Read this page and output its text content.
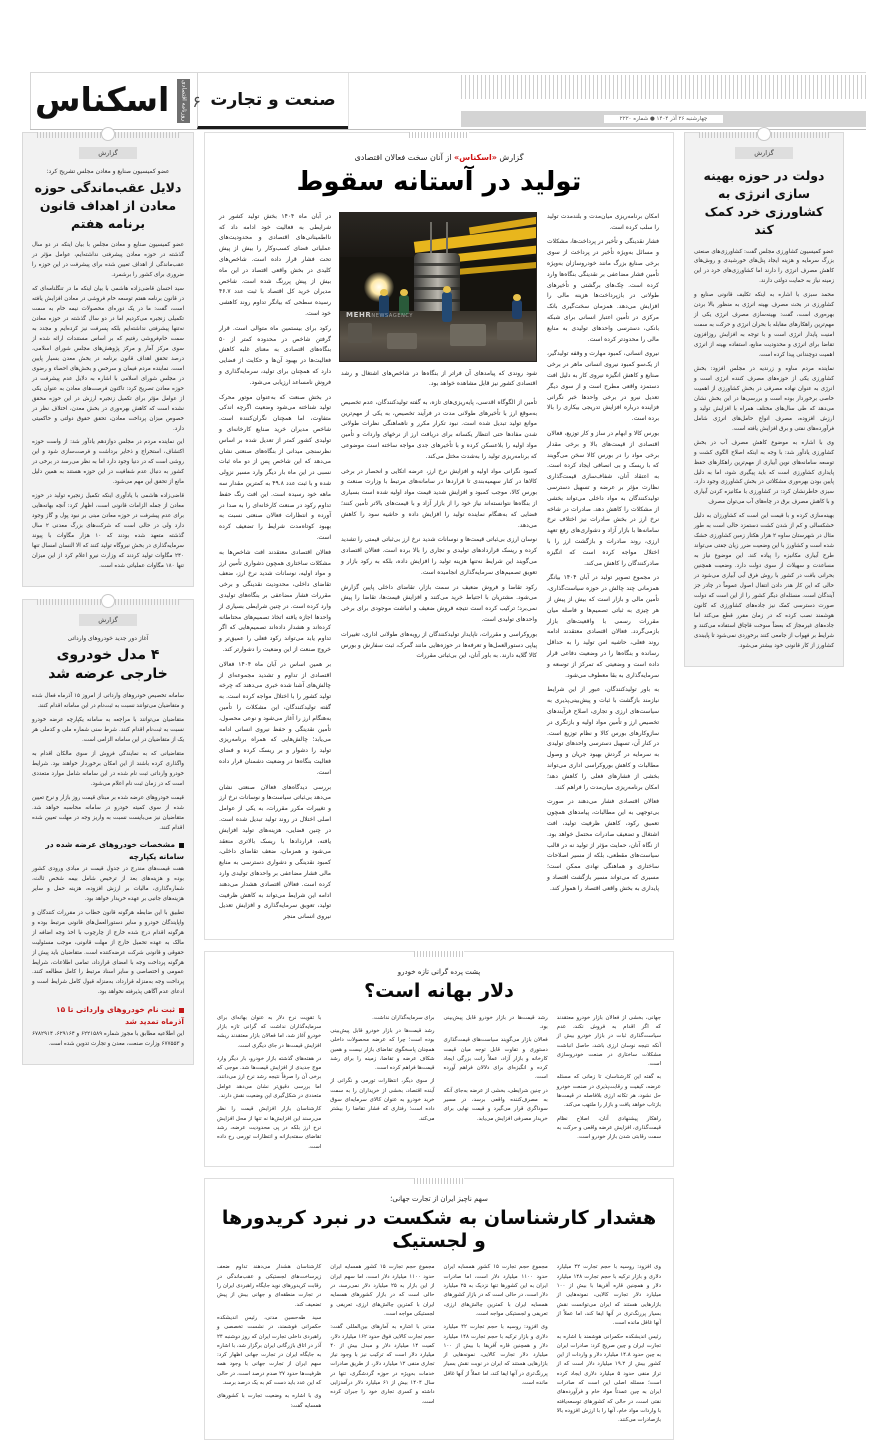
اسکناس	روزنامه اقتصادی ۶ صنعت و تجارت
چهارشنبه ۲۶ آذر ۱۴۰۴ ● شماره ۲۲۲۰
گزارش
عضو کمیسیون صنایع و معادن مجلس تشریح کرد:
دلایل عقب‌ماندگی حوزه معادن از اهداف قانون برنامه هفتم

عضو کمیسیون صنایع و معادن مجلس با بیان اینکه در دو سال گذشته در حوزه معادن پیشرفتی نداشته‌ایم، عوامل مؤثر در عقب‌ماندگی از اهداف تعیین شده برای پیشرفت در این حوزه را ضروری برای کشور را برشمرد.

سید احسان قاضی‌زاده هاشمی با بیان اینکه ما در تنگلنامه‌ای که در قانون برنامه هفتم توسعه خام فروشی در معادن افزایش یافته است، گفت: ما در یک دوره‌ای محصولات نیمه خام به سمت تکمیلی زنجیره می‌کردیم اما در دو سال گذشته در حوزه معادن نه‌تنها پیشرفتی نداشته‌ایم بلکه پسرفت نیز کرده‌ایم و مجدد به سمت خام‌فروشی رفتیم که بر اساس مستندات ارائه شده از سوی مرکز آمار و مرکز پژوهش‌های مجلس شورای اسلامی، درصد تحقق اهداف قانون برنامه در بخش معدن بسیار پایین است. نماینده مردم فیمان و سرخس و بخش‌های احصاء و رضوی در مجلس شورای اسلامی با اشاره به دلایل عدم پیشرفت در حوزه معادن تصریح کرد: تاکنون فرصت‌های معادن به عنوان یکی از عوامل مؤثر برای تکمیل زنجیره ارزش در این حوزه محقق نشده است که کاهش بهره‌وری در بخش معدن، اختلاف نظر در خصوص میزان پرداخت معادن، تحقق حقوق دولتی و حاکمیتی دارد.

این نماینده مردم در مجلس دوازدهم یادآور شد: از واست حوزه اکتشاف، استخراج و ذخایر برداشت و فرصت‌سازی شود و این روشی است که در دنیا وجود دارد اما به نظر می‌رسد در برخی در کشور به دنبال عدم شفافیت در این حوزه هستند به همین دلیل مانع از تحقق این مهم می‌شود.

قاضی‌زاده هاشمی با یادآوری اینکه تکمیل زنجیره تولید در حوزه معادن از جمله الزامات قانونی است، اظهار کرد: آنچه بهانه‌هایی برای عدم پیشرفت در حوزه معادن مبنی بر نبود پول و گاز وجود دارد ولی در حالی است که شرکت‌های بزرگ معدنی ۲ سال گذشته متعهد شده بودند که ۱۰ هزار مگاوات با پیوند سرمایه‌گذاری در بخش نیروگاه تولید کنند که الا النسان امسال تنها ۲۴۰ مگاوات تولید کردند که وزارت نیرو اعلام کرد از این میزان تنها ۱۸۰ مگاوات عملیاتی شده است.

گزارش
آغاز دور جدید خودروهای وارداتی
۴ مدل خودروی خارجی عرضه شد

سامانه تخصیص خودروهای وارداتی از امروز ۱۵ آذرماه فعال شده و متقاضیان می‌توانند نسبت به ثبت‌نام در این سامانه اقدام کنند.

متقاضیان می‌توانند با مراجعه به سامانه یکپارچه عرضه خودرو نسبت به ثبت‌نام اقدام کنند. شرط سنی شماره ملی و کدملی هر یک از متقاضیان در این سامانه الزامی است.

متقاضیانی که به نمایندگی فروش از سوی مالکان اقدام به واگذاری کرده باشند از این امکان برخوردار خواهند بود. شرایط خودرو وارداتی ثبت نام شده در این سامانه شامل موارد متعددی است که در زمان ثبت نام اعلام می‌شود.

قیمت خودروهای عرضه شده بر مبنای قیمت روز بازار و نرخ تعیین شده از سوی کمیته خودرو در سامانه محاسبه خواهد شد. متقاضیان نیز می‌بایست نسبت به واریز وجه در مهلت تعیین شده اقدام کنند.

مشخصات خودروهای عرضه شده در سامانه یکپارچه

هفت قیمت‌های مندرج در جدول قیمت در مبادی ورودی کشور بوده و هزینه‌های بعد از ترخیص شامل بیمه شخص ثالث، شماره‌گذاری، مالیات بر ارزش افزوده، هزینه حمل و سایر هزینه‌های جانبی بر عهده خریدار خواهد بود.

تطبیق با این ضابطه هرگونه قانون خطاب در مقررات کنندگان و واپایندگان خودرو و سایر دستورالعمل‌های قانونی مرتبط بوده و هرگونه اقدام درج شده خارج از چارچوب با اخذ وجه اضافه از مالک به عهده تحمیل خارج از مهلت قانونی، موجب مسئولیت حقوقی و قانونی شرکت عرضه‌کننده است. متقاضیان باید پیش از هرگونه پرداخت وجه با امضای قرارداد، تمامی اطلاعات، شرایط عمومی و اختصاصی و سایر اسناد مرتبط را کامل مطالعه کنند. پرداخت وجه به‌منزله قرارداد، به‌منزله قبول کامل شرایط است و ادعای عدم آگاهی پذیرفته نخواهد بود.

ثبت نام خودروهای وارداتی تا ۱۵ آذرماه تمدید شد

این اطلاعیه مطابق با مجوز شماره ۶۲۲۱۵۸۹ و ۶۲۹۱۶۴، ۶۷۸۲۹۱۴ و ۶۷۷۵۵۳ وزارت صنعت، معدن و تجارت تدوین شده است.

گزارش «اسکناس» از آنان سخت فعالان اقتصادی
تولید در آستانه سقوط

در آبان ماه ۱۴۰۴ بخش تولید کشور در شرایطی به فعالیت خود ادامه داد که نااطمینانی‌های اقتصادی و محدودیت‌های عملیاتی فضای کسب‌وکار را بیش از پیش تحت فشار قرار داده است. شاخص‌های کلیدی در بخش واقعی اقتصاد در این ماه بیش از پیش پررنگ شده است. شاخص مدیران خرید کل اقتصاد با ثبت عدد ۴۶.۷ رسیده سطحی که بیانگر تداوم روند کاهشی خود است.

رکود برای بیستمین ماه متوالی است. قرار گرفتن شاخص در محدوده کمتر از ۵۰ بنگاه‌های اقتصادی به معنای غلبه کاهش فعالیت‌ها در بهبود آن‌ها و حکایت از فضایی دارد که همچنان برای تولید، سرمایه‌گذاری و فروش نامساعد ارزیابی می‌شود.

در بخش صنعت که به‌عنوان موتور محرک تولید شناخته می‌شود وضعیت اگرچه اندکی متفاوت، اما همچنان نگران‌کننده است. شاخص مدیران خرید صنایع کارخانه‌ای و تولیدی کشور کمتر از تعدیل شده بر اساس نظرسنجی میدانی از بنگاه‌های صنعتی نشان می‌دهد که این شاخص پس از دو ماه ثبات نسبی در این ماه بار دیگر وارد مسیر نزولی شده و با ثبت عدد ۴۹.۸ به کمترین مقدار سه ماهه خود رسیده است. این افت رنگ حفظ تداوم رکود در صنعت کارخانه‌ای را به صدا در آورده و انتظارات فعالان صنعتی نسبت به بهبود کوتاه‌مدت شرایط را تضعیف کرده است.

فعالان اقتصادی معتقدند افت شاخص‌ها به مشکلات ساختاری همچون دشواری تأمین ارز و مواد اولیه، نوسانات شدید نرخ ارز، ضعف تقاضای داخلی، محدودیت نقدینگی و برخی مقررات فشار مضاعفی بر بنگاه‌های تولیدی وارد کرده است. در چنین شرایطی بسیاری از واحدها اجازه یافته اتخاذ تصمیم‌های محتاطانه کرده‌اند و هشدار داده‌اند تصمیم‌هایی که اگر تداوم یابد می‌تواند رکود فعلی را عمیق‌تر و خروج صنعت از این وضعیت را دشوارتر کند.

بر همین اساس در آبان ماه ۱۴۰۴ فعالان اقتصادی از تداوم و تشدید مجموعه‌ای از چالش‌های آشنا شده خبری می‌دهند که چرخه تولید کشور را با اختلال مواجه کرده است. به گفته تولیدکنندگان، این مشکلات را تأمین به‌هنگام ارز را آغاز می‌شود و نوعی محصول، تأمین نقدینگی و حفظ نیروی انسانی ادامه می‌یابد؛ چالش‌هایی که همراه برنامه‌ریزی تولید را دشوار و بر ریسک کرده و فضای فعالیت بنگاه‌ها در وضعیت دشمنان قرار داده است.

بررسی دیدگاه‌های فعالان صنعتی نشان می‌دهد بی‌ثباتی سیاست‌ها و نوسانات نرخ ارز و تغییرات مکرر مقررات، به یکی از عوامل اصلی اختلال در روند تولید تبدیل شده است. در چنین فضایی، هزینه‌های تولید افزایش یافته، قراردادها با ریسک بالاتری منعقد می‌شود و همزمان، ضعف تقاضای داخلی، کمبود نقدینگی و دشواری دسترسی به منابع مالی فشار مضاعفی بر واحدهای تولیدی وارد کرده است. فعالان اقتصادی هشدار می‌دهند ادامه این شرایط می‌تواند به کاهش ظرفیت تولید، تعویق سرمایه‌گذاری و افزایش تعدیل نیروی انسانی منجر

MEHRNEWSAGENCY
شود روندی که پیامدهای آن فراتر از بنگاه‌ها در شاخص‌های اشتغال و رشد اقتصادی کشور نیز قابل مشاهده خواهد بود.

تأمین از الگوگاه اقدسی، پایه‌ریزی‌های تازه، به گفته تولیدکنندگان، عدم تخصیص به‌موقع ارز با تأخیرهای طولانی مدت در فرآیند تخصیص، به یکی از مهم‌ترین موانع تولید تبدیل شده است. نبود تکرار مکرر و ناهماهنگی نظرات طولانی شدن مفادها حتی انتظار یکسانه برای دریافت ارز از نرخهای واردات و تأمین مواد اولیه را بلاعسکن کرده و با تأخیرهای جدی مواجه ساخته است موضوعی که برنامه‌ریزی تولید را به‌شدت مختل می‌کند.

کمبود نگرانی مواد اولیه و افزایش نرخ ارز، عرضه اتکایی و انحصار در برخی کالاها در کنار سهمیه‌بندی تا قراردها در سامانه‌های مرتبط با وزارت صنعت و بورس کالا، موجب کمبود و افزایش شدید قیمت مواد اولیه شده است بسیاری از بنگاه‌ها نتوانسته‌اند نیاز خود را از بازار آزاد و با قیمت‌های بالاتر تأمین کنند؛ فضایی که به‌هنگام نماینده تولید را افزایش داده و حاشیه سود را کاهش می‌دهد.

نوسان ارزی بی‌ثباتی قیمت‌ها و نوسانات شدید نرخ ارز بی‌ثباتی قیمتی را تشدید کرده و ریسک قراردادهای تولیدی و تجاری را بالا برده است. فعالان اقتصادی می‌گویند این شرایط نه‌تنها هزینه تولید را افزایش داده، بلکه به رکود بازار و تعویق تصمیم‌های سرمایه‌گذاری انجامیده است.

رکود تقاضا و فروش ضعیف در سمت بازار، تقاضای داخلی پایین گزارش می‌شود. مشتریان با احتیاط خرید می‌کنند و افزایش قیمت‌ها، تقاضا را پیش نمی‌برد؛ ترکیب کرده است نتیجه فروش ضعیف و انباشت موجودی برای برخی واحدهای تولیدی است.

بوروکراسی و مقررات، ناپایدار تولیدکنندگان از رویه‌های طولانی اداری، تغییرات پیاپی دستورالعمل‌ها و تعرفه‌ها در حوزه‌هایی مانند گمرک، ثبت سفارش و بورس کالا گلایه دارند. به باور آنان، این بی‌ثباتی مقررات

امکان برنامه‌ریزی میان‌مدت و بلندمدت تولید را سلب کرده است.

فشار نقدینگی و تأخیر در پرداخت‌ها، مشکلات و مسائل به‌ویژه تأخیر در پرداخت از سوی برخی صنایع بزرگ مانند خودروسازان به‌ویژه تأمین فشار مضاعفی بر نقدینگی بنگاه‌ها وارد کرده است. چک‌های برگشتی و تأخیرهای طولانی در بازپرداخت‌ها هزینه مالی را افزایش می‌دهد. همزمان سخت‌گیری بانک مرکزی در تأمین اعتبار انسانی برای شبکه بانکی، دسترسی واحدهای تولیدی به منابع مالی را محدودتر کرده است.

نیروی انسانی، کمبود مهارت و وقفه تولیدگیر، از یک‌سو کمبود نیروی انسانی ماهر در برخی صنایع و کاهش انگیزه نیروی کار به دلیل افت دستمزد واقعی مطرح است و از سوی دیگر تعدیل نیرو در برخی واحدها خبر نگرانی فزاینده درباره افزایش تدریجی بیکاری را بالا برده است.

بورس کالا و ابهام در ساز و کار توزیع، فعالان اقتصادی از قیمت‌های بالا و برخی مقدار برخی مواد را در بورس کالا سخن می‌گویند که با ریسک و بی انصافی ایجاد کرده است. به اعتقاد آنان، شفاف‌سازی قیمت‌گذاری نظارت مؤثر بر عرضه و تسهیل دسترسی تولیدکنندگان به مواد داخلی می‌تواند بخشی از مشکلات را کاهش دهد. صادرات در شاخه نرخ ارز در بخش صادرات نیز اختلاف نرخ سامانه‌ها با بازار آزاد و دشواری‌های رفع تعهد ارزی، روند صادرات و بازگشت ارز را با اختلال مواجه کرده است که انگیزه صادرکنندگان را کاهش می‌کند.

در مجموع تصویر تولید در آبان ۱۴۰۴ بیانگر همزمانی چند چالش در حوزه سیاست‌گذاری، تأمین مالی و بازار است که بیش از پیش از هر چیزی به ثباتی تصمیم‌ها و فاصله میان مقررات رسمی با واقعیت‌های بازار بازمی‌گردد. فعالان اقتصادی معتقدند ادامه روند فعلی، حاشیه امن تولید را به حداقل رسانده و بنگاه‌ها را در وضعیت دفاعی قرار داده است و وضعیتی که تمرکز از توسعه و سرمایه‌گذاری به بقا معطوف می‌شود.

به باور تولیدکنندگان، عبور از این شرایط نیازمند بازگشت با ثبات و پیش‌بینی‌پذیری به سیاست‌های ارزی و تجاری، اصلاح فرآیندهای تخصیص ارز و تأمین مواد اولیه و بازنگری در سازوکارهای بورس کالا و نظام توزیع است. در کنار آن، تسهیل دسترسی واحدهای تولیدی به سرمایه در گردش بهبود جریان و وصول مطالبات و کاهش بوروکراسی اداری می‌تواند بخشی از فشارهای فعلی را کاهش دهد؛ امکان برنامه‌ریزی میان‌مدت را فراهم کند.

فعالان اقتصادی فشار می‌دهند در صورت بی‌توجهی به این مطالبات، پیامدهای همچون تعمیق رکود، کاهش ظرفیت تولید، افت اشتغال و تضعیف صادرات محتمل خواهد بود. از نگاه آنان، حمایت مؤثر از تولید نه در قالب سیاست‌های مقطعی، بلکه از مسیر اصلاحات ساختاری و هماهنگی نهادی ممکن است؛ مسیری که می‌تواند مسیر بازگشت اقتصاد و پایداری به بخش واقعی اقتصاد را هموار کند.

پشت پرده گرانی تازه خودرو
دلار بهانه است؟

با تقویت نرخ دلار به عنوان بهانه‌ای برای سرمایه‌گذاران نداشت که گرانی تازه بازار خودرو آغاز شد، اما فعالان بازار معتقدند ریشه افزایش قیمت‌ها در جای دیگری است.

در هفته‌های گذشته بازار خودرو، بار دیگر وارد موج جدیدی از افزایش قیمت‌ها شد. موجی که برخی آن را صرفاً نتیجه رشد نرخ ارز می‌دانند، اما بررسی دقیق‌تر نشان می‌دهد عوامل متعددی در شکل‌گیری این وضعیت نقش دارند.

کارشناسان بازار افزایش قیمت را نظر می‌رسند این افزایش‌ها نه تنها از محل افزایش نرخ ارز بلکه در پی محدودیت عرضه، رشد تقاضای سفته‌بازانه و انتظارات تورمی رخ داده است.

برای سرمایه‌گذاران نداشت.

رشد قیمت‌ها در بازار خودرو قابل پیش‌بینی بوده است؛ چرا که عرضه محصولات داخلی همچنان پاسخگوی تقاضای بازار نیست و همین شکاف عرضه و تقاضا، زمینه را برای رشد قیمت‌ها فراهم کرده است.

از سوی دیگر، انتظارات تورمی و نگرانی از آینده اقتصاد، بخشی از خریداران را به سمت خرید خودرو به عنوان کالای سرمایه‌ای سوق داده است؛ رفتاری که فشار تقاضا را بیشتر می‌کند.

رشد قیمت‌ها در بازار خودرو قابل پیش‌بینی بود.

فعالان بازار می‌گویند سیاست‌های قیمت‌گذاری دستوری و تفاوت قابل توجه میان قیمت کارخانه و بازار آزاد، عملاً رانت بزرگی ایجاد کرده و انگیزه‌ای برای دلالان فراهم آورده است.

در چنین شرایطی، بخشی از عرضه به‌جای آنکه به مصرف‌کننده واقعی برسد، در مسیر سوداگری قرار می‌گیرد و قیمت نهایی برای خریدار مصرفی افزایش می‌یابد.

جهانی، بخشی از فعالان بازار خودرو معتقدند که اگر اقدام به فروش نکند، عدم سیاست‌گذاری ثبات در بازار خودرو بیش از آنکه نتیجه نوسان ارزی باشد، حاصل انباشت مشکلات ساختاری در صنعت خودروسازی است.

به گفته این کارشناسان، تا زمانی که مسئله عرضه، کیفیت و رقابت‌پذیری در صنعت خودرو حل نشود، هر تکانه ارزی بلافاصله در قیمت‌ها بازتاب خواهد یافت و بازار را ملتهب می‌کند.

راهکار پیشنهادی آنان، اصلاح نظام قیمت‌گذاری، افزایش عرضه واقعی و حرکت به سمت رقابتی شدن بازار خودرو است.

سهم ناچیز ایران از تجارت جهانی؛
هشدار کارشناسان به شکست در نبرد کریدورها و لجستیک

کارشناسان هشدار می‌دهند تداوم ضعف زیرساخت‌های لجستیکی و عقب‌ماندگی در رقابت کریدورهای نوید جایگاه راهبردی ایران را در تجارت منطقه‌ای و جهانی بیش از پیش تضعیف کند.

سید طه‌حسین مدنی، رئیس اندیشکده حکمرانی فوشمند، در نشست تخصصی و راهبردی داخلی تجارت ایران که روز دوشنبه ۲۴ آذر در اتاق بازرگانی ایران برگزار شد، با اشاره به جایگاه ایران در تجارت جهانی اظهار کرد: سهم ایران از تجارت جهانی با وجود همه ظرفیت‌ها حدود ۲۷ صدم درصد است، در حالی که این عدد باید دست کم به یک درصد برسد.

وی با اشاره به وضعیت تجارت با کشورهای همسایه گفت:

مجموع حجم تجارت ۱۵ کشور همسایه ایران حدود ۱۱۰۰ میلیارد دلار است، اما سهم ایران از این بازار به ۲۵ میلیارد دلار نمی‌رسد، در حالی است که در بازار کشورهای همسایه ایران با کمترین چالش‌های ارزی، تعریفی و لجستیکی مواجه است.

مدنی با اشاره به آمارهای بین‌المللی گفت: حجم تجارت کالایی فوق حدود ۱۶۲ میلیارد دلار، کمیت ۱۴ میلیارد دلار و مبدل بیش از ۴۰ میلیارد دلار است که ترکیب نیز با وجود نیاز تجاری منفی ۱۲ میلیارد دلار، از طریق صادرات خدمات به‌ویژه در حوزه گردشگری، تنها در سال ۱۴۰۴ بیش از ۶۱ میلیارد دلار درآمدزایی داشته و کسری تجاری خود را جبران کرده است.

مجموع حجم تجارت ۱۵ کشور همسایه ایران حدود ۱۱۰۰ میلیارد دلار است، اما صادرات ایران به این کشورها تنها نزدیک به ۲۵ میلیارد دلار است، در حالی است که در بازار کشورهای همسایه ایران با کمترین چالش‌های ارزی، تعریفی و لجستیکی مواجه است.

وی افزود: روسیه با حجم تجارت ۴۲ میلیارد دلاری و بازار ترکیه با حجم تجارت ۱۴۸ میلیارد دلار و همچنین قاره آفریقا با بیش از ۱۰۰ میلیارد دلار تجارت کالایی، نمونه‌هایی از بازارهایی هستند که ایران در نوبت نقش بسیار پررنگ‌تری در آنها ایفا کند، اما عملاً از آنها غافل مانده است.

وی افزود: روسیه با حجم تجارت ۴۲ میلیارد دلاری و بازار ترکیه با حجم تجارت ۱۴۸ میلیارد دلار و همچنین قاره آفریقا با بیش از ۱۰۰ میلیارد دلار تجارت کالایی، نمونه‌هایی از بازارهایی هستند که ایران می‌توانست نقش بسیار پررنگ‌تری در آنها ایفا کند، اما عملاً از آنها غافل مانده است.

رئیس اندیشکده حکمرانی هوشمند با اشاره به تجارت ایران و چین صریح کرد: صادرات ایران به چین حدود ۱۴.۸ میلیارد دلار و واردات از این کشور بیش از ۱۹.۲ میلیارد دلار است که از تراز منفی حدود ۵ میلیارد دلاری ایجاد کرده است؛ مسئله اصلی این است که صادرات ایران به چین عمدتاً مواد خام و فرآورده‌های نفتی است، در حالی که کشورهای توسعه‌یافته با واردات مواد خام، آنها را با ارزش افزوده بالا بازصادرات می‌کنند.

گزارش
دولت در حوزه بهینه سازی انرژی به کشاورزی خرد کمک کند

عضو کمیسیون کشاورزی مجلس گفت: کشاورزی‌های صنعتی بزرگ سرمایه و هزینه ایجاد پنل‌های خورشیدی و روش‌های کاهش مصرف انرژی را دارند اما کشاورزی‌های خرد در این زمینه نیاز به حمایت دولتی دارند.

محمد سبزی با اشاره به اینکه تکلیف قانونی صنایع و کشاورزی در بحث مصرف بهینه انرژی به منظور بالا بردن بهره‌وری است، گفت: بهینه‌سازی مصرف انرژی یکی از مهم‌ترین راهکارهای مقابله با بحران انرژی و حرکت به سمت امنیت پایدار انرژی است و با توجه به افزایش روزافزون تقاضا برای انرژی و محدودیت منابع، استفاده بهینه از انرژی اهمیت دوچندانی پیدا کرده است.

نماینده مردم ساوه و زرندیه در مجلس افزود: بخش کشاورزی یکی از حوزه‌های مصرف کننده انرژی است و انرژی به عنوان نهاده مصرفی در بخش کشاورزی از اهمیت خاصی برخوردار بوده است و بررسی‌ها در این بخش نشان می‌دهد که طی سال‌های مختلف همراه با افزایش تولید و ارزش افزوده، مصرف انواع حامل‌های انرژی شامل فرآورده‌های نفتی و برق افزایش یافته است.

وی با اشاره به موضوع کاهش مصرف آب در بخش کشاورزی یادآور شد: با وجه به اینکه اصلاح الگوی کشت و توسعه سامانه‌های نوین آبیاری از مهم‌ترین راهکارهای حفظ پایداری کشاورزی است که باید پیگیری شود، اما به دلیل پایین بودن بهره‌وری مشکلاتی در بخش کشاورزی وجود دارد. سبزی خاطرنشان کرد: در کشاورزی با مکانیزه کردن آبیاری و با کاهش مصرف برق در چاه‌های آب می‌توان مصرف

بهینه‌سازی کرده و با قیمت این است که کشاورزان به دلیل خشکسالی و کم از شدن کشت دستمزد خالی است به طور مثال در شهرستان ساوه ۲ هزار هکتار زمین کشاورزی خشک شده است و کشاورز با این وضعیت ضرر زیان جفتی می‌تواند طرح آبیاری مکانیزه را پیاده کند. این موضوع نیاز به مساعدت و سهیلات از سوی دولت دارد. وضعیت همچنین بحرانی بافت در کشور با روش فرق آبی آبیاری می‌شود در حالی که این کار هدر دادن انتقال اصول عموماً در چادر جز آیندگان است. مسئله‌ای دیگر کشور را از این است که دولت صورت دسترسی کمک نیز جاده‌های کشاورزی که کانون هوشمند نصب کرده که در زمان مقرر قطع می‌کند اما جاده‌های غیرمجاز که بعضاً سوخت قاچاق استفاده می‌کنند و شرایط بر فهواب از جامعی کنند برخوردی نمی‌شود تا پایبندی کشاورز از کار قانونی خود بیشتر می‌شود.
